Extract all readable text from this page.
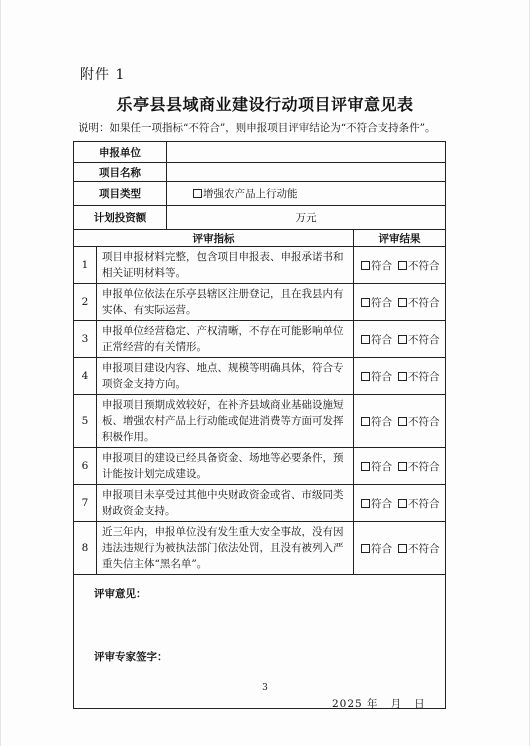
附件 1
乐亭县县域商业建设行动项目评审意见表
说明：如果任一项指标“不符合”，则申报项目评审结论为“不符合支持条件”。
申报单位			
项目名称			
项目类型		增强农产品上行动能	
计划投资额		万元	
评审指标			评审结果
1	项目申报材料完整，包含项目申报表、申报承诺书和相关证明材料等。		符合 不符合
2	申报单位依法在乐亭县辖区注册登记，且在我县内有实体、有实际运营。		符合 不符合
3	申报单位经营稳定、产权清晰，不存在可能影响单位正常经营的有关情形。		符合 不符合
4	申报项目建设内容、地点、规模等明确具体，符合专项资金支持方向。		符合 不符合
5	申报项目预期成效较好，在补齐县域商业基础设施短板、增强农村产品上行动能或促进消费等方面可发挥积极作用。		符合 不符合
6	申报项目的建设已经具备资金、场地等必要条件，预计能按计划完成建设。		符合 不符合
7	申报项目未享受过其他中央财政资金或省、市级同类财政资金支持。		符合 不符合
8	近三年内，申报单位没有发生重大安全事故，没有因违法违规行为被执法部门依法处罚，且没有被列入严重失信主体“黑名单”。		符合 不符合

评审意见：
评审专家签字：
2025 年 月 日			
3
